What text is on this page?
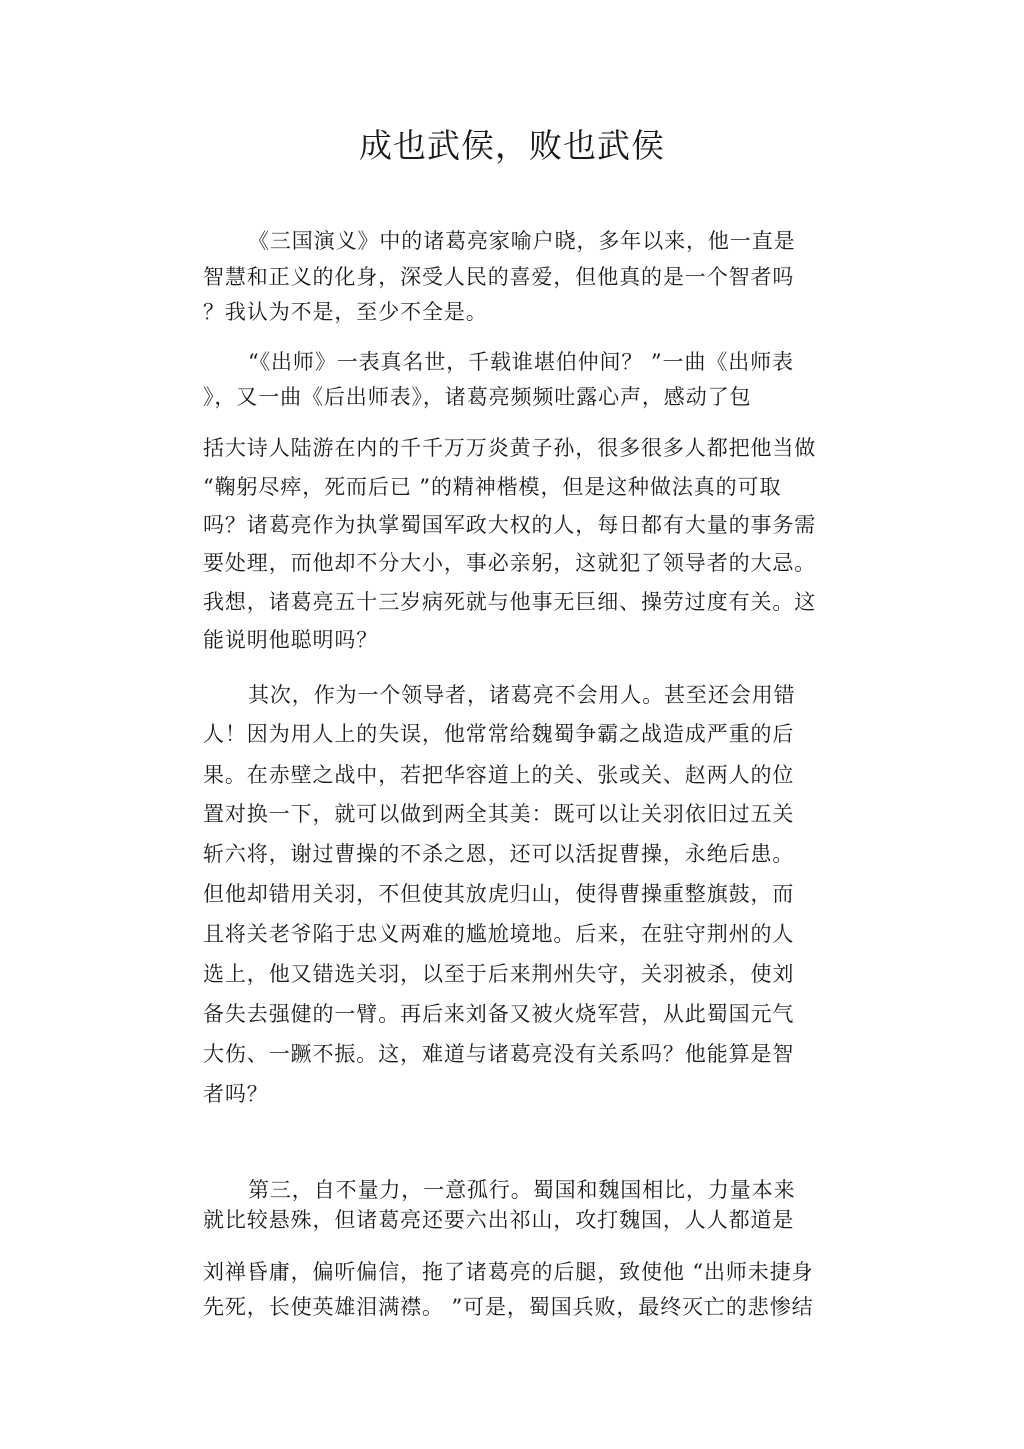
成也武侯，败也武侯

《三国演义》中的诸葛亮家喻户晓，多年以来，他一直是

智慧和正义的化身，深受人民的喜爱，但他真的是一个智者吗

？我认为不是，至少不全是。

“《出师》一表真名世，千载谁堪伯仲间？ ”一曲《出师表

》，又一曲《后出师表》，诸葛亮频频吐露心声，感动了包

括大诗人陆游在内的千千万万炎黄子孙，很多很多人都把他当做

“鞠躬尽瘁，死而后已 ”的精神楷模，但是这种做法真的可取

吗？诸葛亮作为执掌蜀国军政大权的人，每日都有大量的事务需

要处理，而他却不分大小，事必亲躬，这就犯了领导者的大忌。

我想，诸葛亮五十三岁病死就与他事无巨细、操劳过度有关。这

能说明他聪明吗？

其次，作为一个领导者，诸葛亮不会用人。甚至还会用错

人！因为用人上的失误，他常常给魏蜀争霸之战造成严重的后

果。在赤壁之战中，若把华容道上的关、张或关、赵两人的位

置对换一下，就可以做到两全其美：既可以让关羽依旧过五关

斩六将，谢过曹操的不杀之恩，还可以活捉曹操，永绝后患。

但他却错用关羽，不但使其放虎归山，使得曹操重整旗鼓，而

且将关老爷陷于忠义两难的尴尬境地。后来，在驻守荆州的人

选上，他又错选关羽，以至于后来荆州失守，关羽被杀，使刘

备失去强健的一臂。再后来刘备又被火烧军营，从此蜀国元气

大伤、一蹶不振。这，难道与诸葛亮没有关系吗？他能算是智

者吗？

第三，自不量力，一意孤行。蜀国和魏国相比，力量本来

就比较悬殊，但诸葛亮还要六出祁山，攻打魏国，人人都道是

刘禅昏庸，偏听偏信，拖了诸葛亮的后腿，致使他 “出师未捷身

先死，长使英雄泪满襟。 ”可是，蜀国兵败，最终灭亡的悲惨结
